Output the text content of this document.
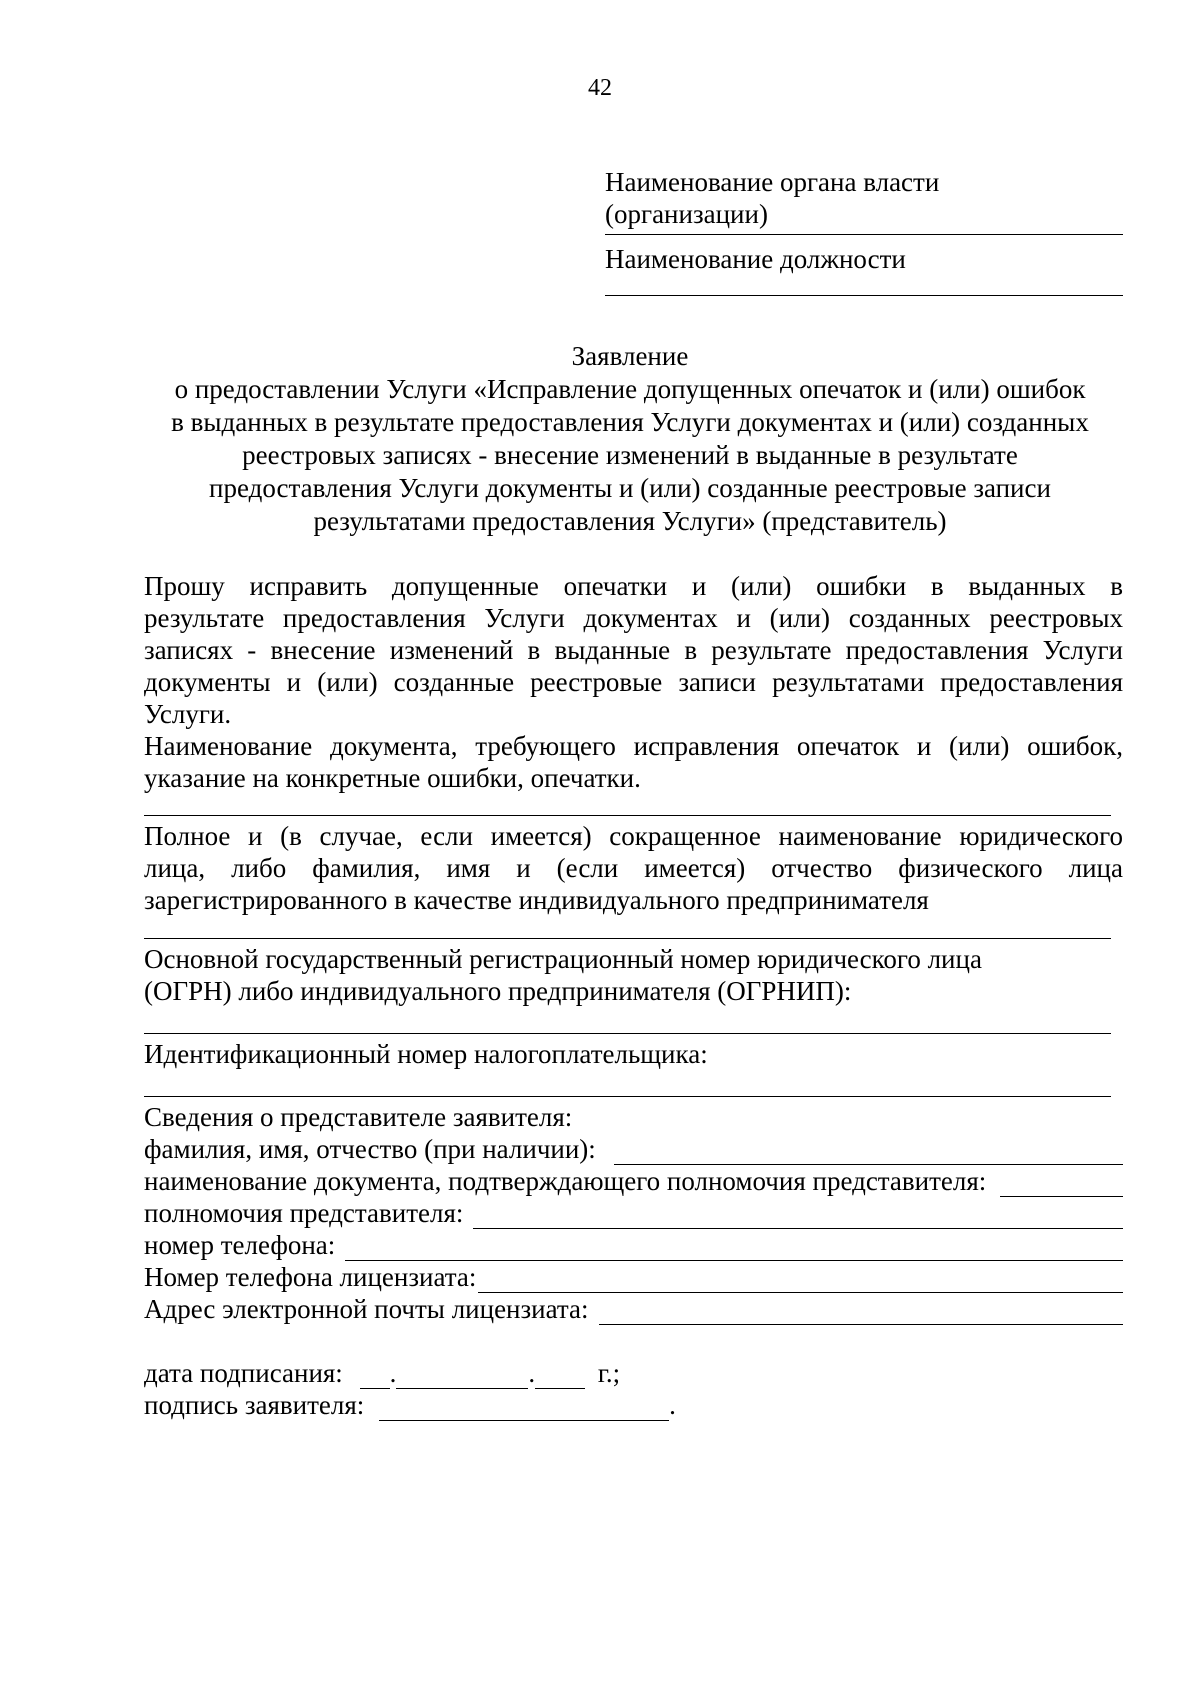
42
Наименование органа власти
(организации)
Наименование должности
Заявление
о предоставлении Услуги «Исправление допущенных опечаток и (или) ошибок
в выданных в результате предоставления Услуги документах и (или) созданных
реестровых записях - внесение изменений в выданные в результате
предоставления Услуги документы и (или) созданные реестровые записи
результатами предоставления Услуги» (представитель)
Прошу исправить допущенные опечатки и (или) ошибки в выданных в
результате предоставления Услуги документах и (или) созданных реестровых
записях - внесение изменений в выданные в результате предоставления Услуги
документы и (или) созданные реестровые записи результатами предоставления
Услуги.
Наименование документа, требующего исправления опечаток и (или) ошибок,
указание на конкретные ошибки, опечатки.
Полное и (в случае, если имеется) сокращенное наименование юридического
лица, либо фамилия, имя и (если имеется) отчество физического лица
зарегистрированного в качестве индивидуального предпринимателя
Основной государственный регистрационный номер юридического лица
(ОГРН) либо индивидуального предпринимателя (ОГРНИП):
Идентификационный номер налогоплательщика:
Сведения о представителе заявителя:
фамилия, имя, отчество (при наличии):
наименование документа, подтверждающего полномочия представителя:
полномочия представителя:
номер телефона:
Номер телефона лицензиата:
Адрес электронной почты лицензиата:
дата подписания: .	. г.;
подпись заявителя:	.
